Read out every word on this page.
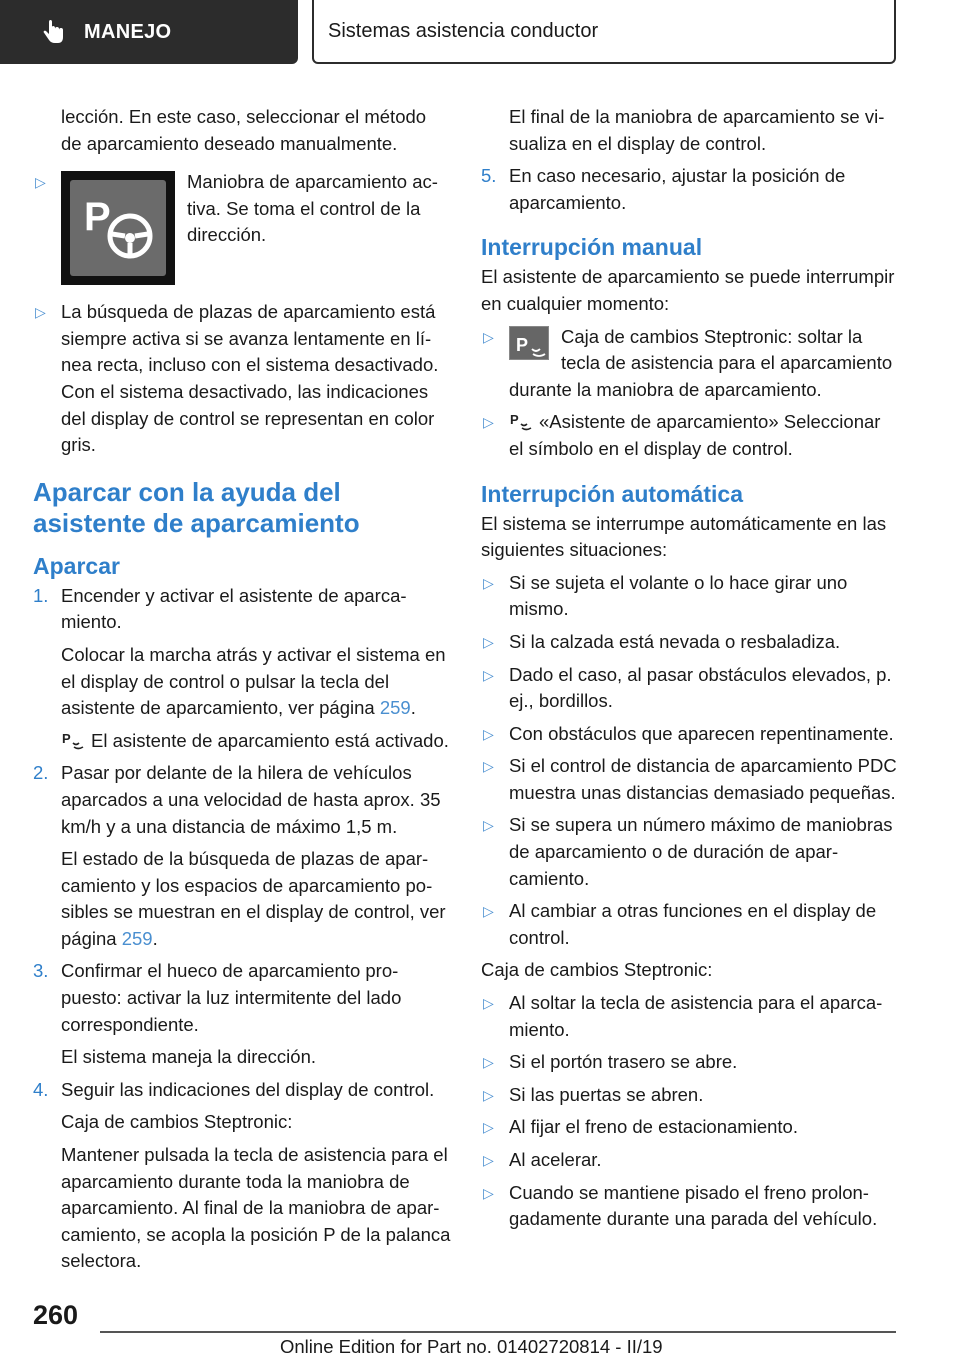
MANEJO	Sistemas asistencia conductor

lección. En este caso, seleccionar el método de aparcamiento deseado manualmente.

▷
P
Maniobra de aparcamiento activa. Se toma el control de la dirección.
▷ La búsqueda de plazas de aparcamiento está siempre activa si se avanza lentamente en línea recta, incluso con el sistema desactivado. Con el sistema desactivado, las indicaciones del display de control se representan en color gris.
Aparcar con la ayuda del asistente de aparcamiento
Aparcar
1. Encender y activar el asistente de aparcamiento.

Colocar la marcha atrás y activar el sistema en el display de control o pulsar la tecla del asistente de aparcamiento, ver página 259.

P El asistente de aparcamiento está activado.

2. Pasar por delante de la hilera de vehículos aparcados a una velocidad de hasta aprox. 35 km/h y a una distancia de máximo 1,5 m.

El estado de la búsqueda de plazas de aparcamiento y los espacios de aparcamiento posibles se muestran en el display de control, ver página 259.

3. Confirmar el hueco de aparcamiento propuesto: activar la luz intermitente del lado correspondiente.

El sistema maneja la dirección.

4. Seguir las indicaciones del display de control.

Caja de cambios Steptronic:

Mantener pulsada la tecla de asistencia para el aparcamiento durante toda la maniobra de aparcamiento. Al final de la maniobra de aparcamiento, se acopla la posición P de la palanca selectora.

El final de la maniobra de aparcamiento se visualiza en el display de control.

5. En caso necesario, ajustar la posición de aparcamiento.
Interrupción manual

El asistente de aparcamiento se puede interrumpir en cualquier momento:

▷ P Caja de cambios Steptronic: soltar la tecla de asistencia para el aparcamiento durante la maniobra de aparcamiento.
▷ P «Asistente de aparcamiento» Seleccionar el símbolo en el display de control.
Interrupción automática

El sistema se interrumpe automáticamente en las siguientes situaciones:

▷ Si se sujeta el volante o lo hace girar uno mismo.
▷ Si la calzada está nevada o resbaladiza.
▷ Dado el caso, al pasar obstáculos elevados, p. ej., bordillos.
▷ Con obstáculos que aparecen repentinamente.
▷ Si el control de distancia de aparcamiento PDC muestra unas distancias demasiado pequeñas.
▷ Si se supera un número máximo de maniobras de aparcamiento o de duración de aparcamiento.
▷ Al cambiar a otras funciones en el display de control.

Caja de cambios Steptronic:

▷ Al soltar la tecla de asistencia para el aparcamiento.
▷ Si el portón trasero se abre.
▷ Si las puertas se abren.
▷ Al fijar el freno de estacionamiento.
▷ Al acelerar.
▷ Cuando se mantiene pisado el freno prolongadamente durante una parada del vehículo.
260
Online Edition for Part no. 01402720814 - II/19
